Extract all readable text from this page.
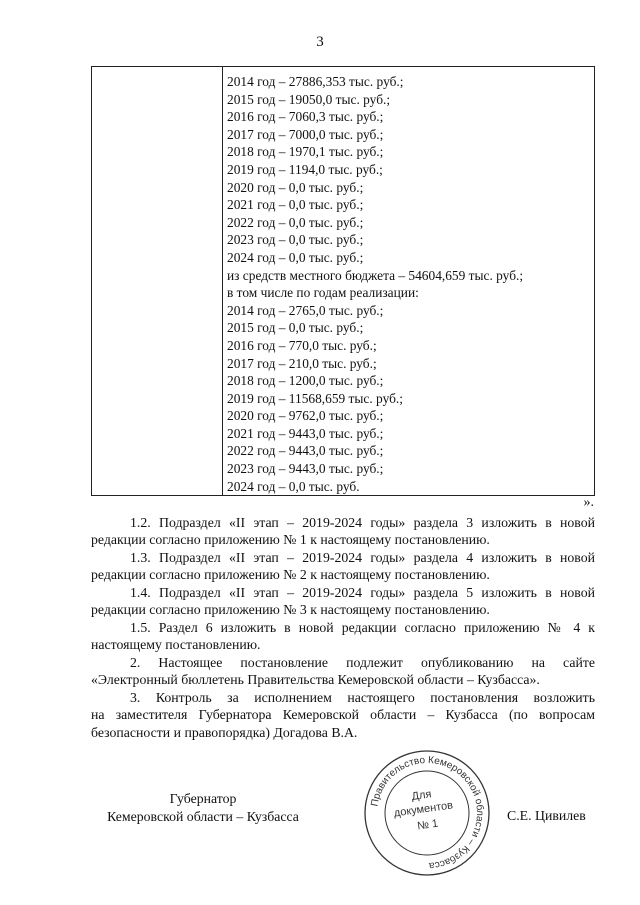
3

2014 год – 27886,353 тыс. руб.;
2015 год – 19050,0 тыс. руб.;
2016 год – 7060,3 тыс. руб.;
2017 год – 7000,0 тыс. руб.;
2018 год – 1970,1 тыс. руб.;
2019 год – 1194,0 тыс. руб.;
2020 год – 0,0 тыс. руб.;
2021 год – 0,0 тыс. руб.;
2022 год – 0,0 тыс. руб.;
2023 год – 0,0 тыс. руб.;
2024 год – 0,0 тыс. руб.;
из средств местного бюджета – 54604,659 тыс. руб.;
в том числе по годам реализации:
2014 год – 2765,0 тыс. руб.;
2015 год – 0,0 тыс. руб.;
2016 год – 770,0 тыс. руб.;
2017 год – 210,0 тыс. руб.;
2018 год – 1200,0 тыс. руб.;
2019 год – 11568,659 тыс. руб.;
2020 год – 9762,0 тыс. руб.;
2021 год – 9443,0 тыс. руб.;
2022 год – 9443,0 тыс. руб.;
2023 год – 9443,0 тыс. руб.;
2024 год – 0,0 тыс. руб.
».
1.2. Подраздел «II этап – 2019-2024 годы» раздела 3 изложить в новой
редакции согласно приложению № 1 к настоящему постановлению.
1.3. Подраздел «II этап – 2019-2024 годы» раздела 4 изложить в новой
редакции согласно приложению № 2 к настоящему постановлению.
1.4. Подраздел «II этап – 2019-2024 годы» раздела 5 изложить в новой
редакции согласно приложению № 3 к настоящему постановлению.
1.5. Раздел 6 изложить в новой редакции согласно приложению № 4 к
настоящему постановлению.
2. Настоящее постановление подлежит опубликованию на сайте
«Электронный бюллетень Правительства Кемеровской области – Кузбасса».
3. Контроль за исполнением настоящего постановления возложить
на заместителя Губернатора Кемеровской области – Кузбасса (по вопросам
безопасности и правопорядка) Догадова В.А.
Губернатор
Кемеровской области – Кузбасса
Правительство Кемеровской области – Кузбасса
Для
документов
№ 1
С.Е. Цивилев
